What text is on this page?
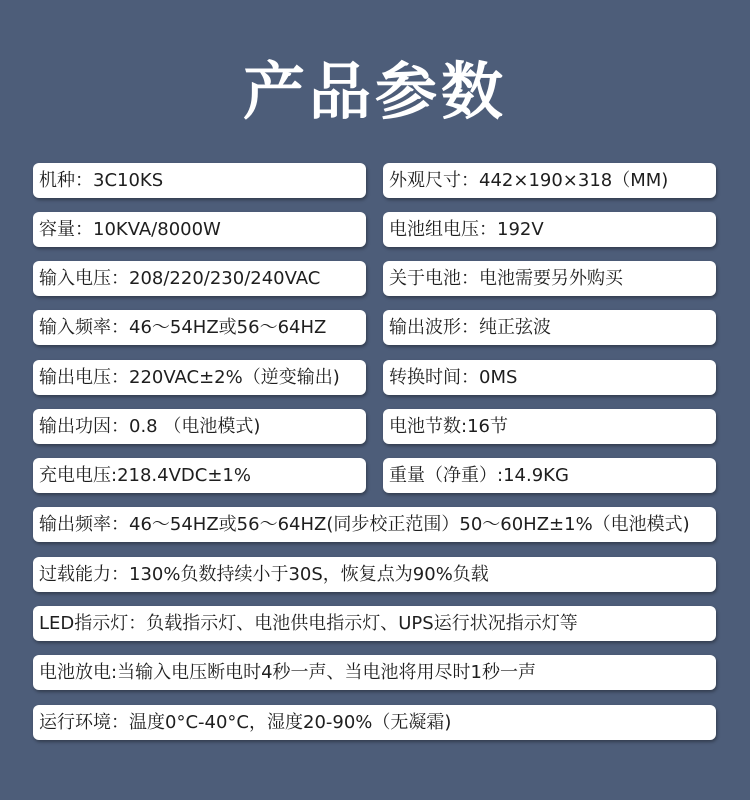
产品参数
机种：3C10KS	外观尺寸：442×190×318（MM)
容量：10KVA/8000W	电池组电压：192V
输入电压：208/220/230/240VAC	关于电池：电池需要另外购买
输入频率：46～54HZ或56～64HZ	输出波形：纯正弦波
输出电压：220VAC±2%（逆变输出)	转换时间：0MS
输出功因：0.8 （电池模式)	电池节数:16节
充电电压:218.4VDC±1%	重量（净重）:14.9KG
输出频率：46～54HZ或56～64HZ(同步校正范围）50～60HZ±1%（电池模式)
过载能力：130%负数持续小于30S，恢复点为90%负载
LED指示灯：负载指示灯、电池供电指示灯、UPS运行状况指示灯等
电池放电:当输入电压断电时4秒一声、当电池将用尽时1秒一声
运行环境：温度0°C-40°C，湿度20-90%（无凝霜)
